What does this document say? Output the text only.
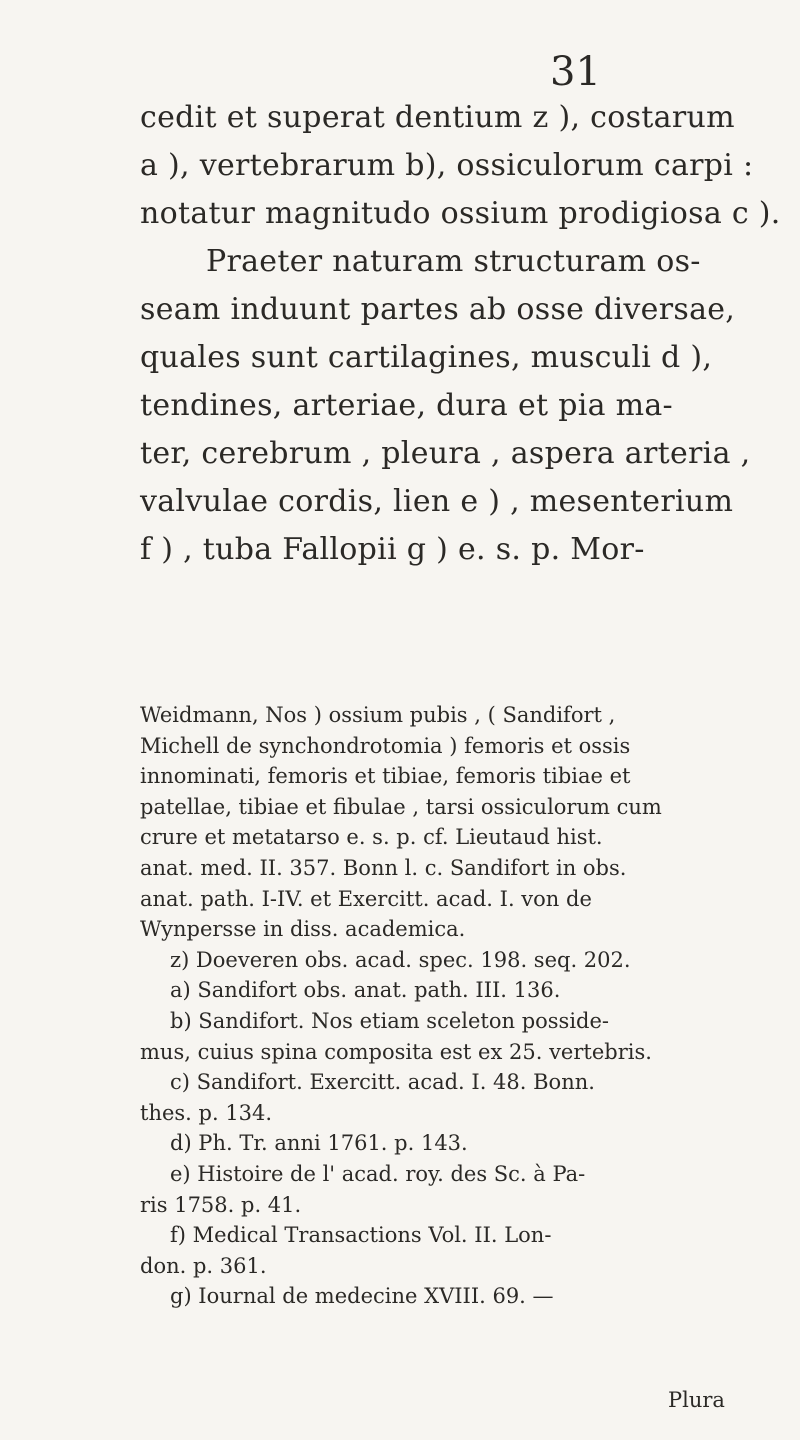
31
cedit et superat dentium z ), costarum
a ), vertebrarum b), ossiculorum carpi :
notatur magnitudo ossium prodigiosa c ).
Praeter naturam structuram os-
seam induunt partes ab osse diversae,
quales sunt cartilagines, musculi d ),
tendines, arteriae, dura et pia ma-
ter, cerebrum , pleura , aspera arteria ,
valvulae cordis, lien e ) , mesenterium
f ) , tuba Fallopii g ) e. s. p. Mor-
Weidmann, Nos ) ossium pubis , ( Sandifort ,
Michell de synchondrotomia ) femoris et ossis
innominati, femoris et tibiae, femoris tibiae et
patellae, tibiae et fibulae , tarsi ossiculorum cum
crure et metatarso e. s. p. cf. Lieutaud hist.
anat. med. II. 357. Bonn l. c. Sandifort in obs.
anat. path. I-IV. et Exercitt. acad. I. von de
Wynpersse in diss. academica.
z) Doeveren obs. acad. spec. 198. seq. 202.
a) Sandifort obs. anat. path. III. 136.
b) Sandifort. Nos etiam sceleton posside-
mus, cuius spina composita est ex 25. vertebris.
c) Sandifort. Exercitt. acad. I. 48. Bonn.
thes. p. 134.
d) Ph. Tr. anni 1761. p. 143.
e) Histoire de l' acad. roy. des Sc. à Pa-
ris 1758. p. 41.
f) Medical Transactions Vol. II. Lon-
don. p. 361.
g) Iournal de medecine XVIII. 69. —
Plura
